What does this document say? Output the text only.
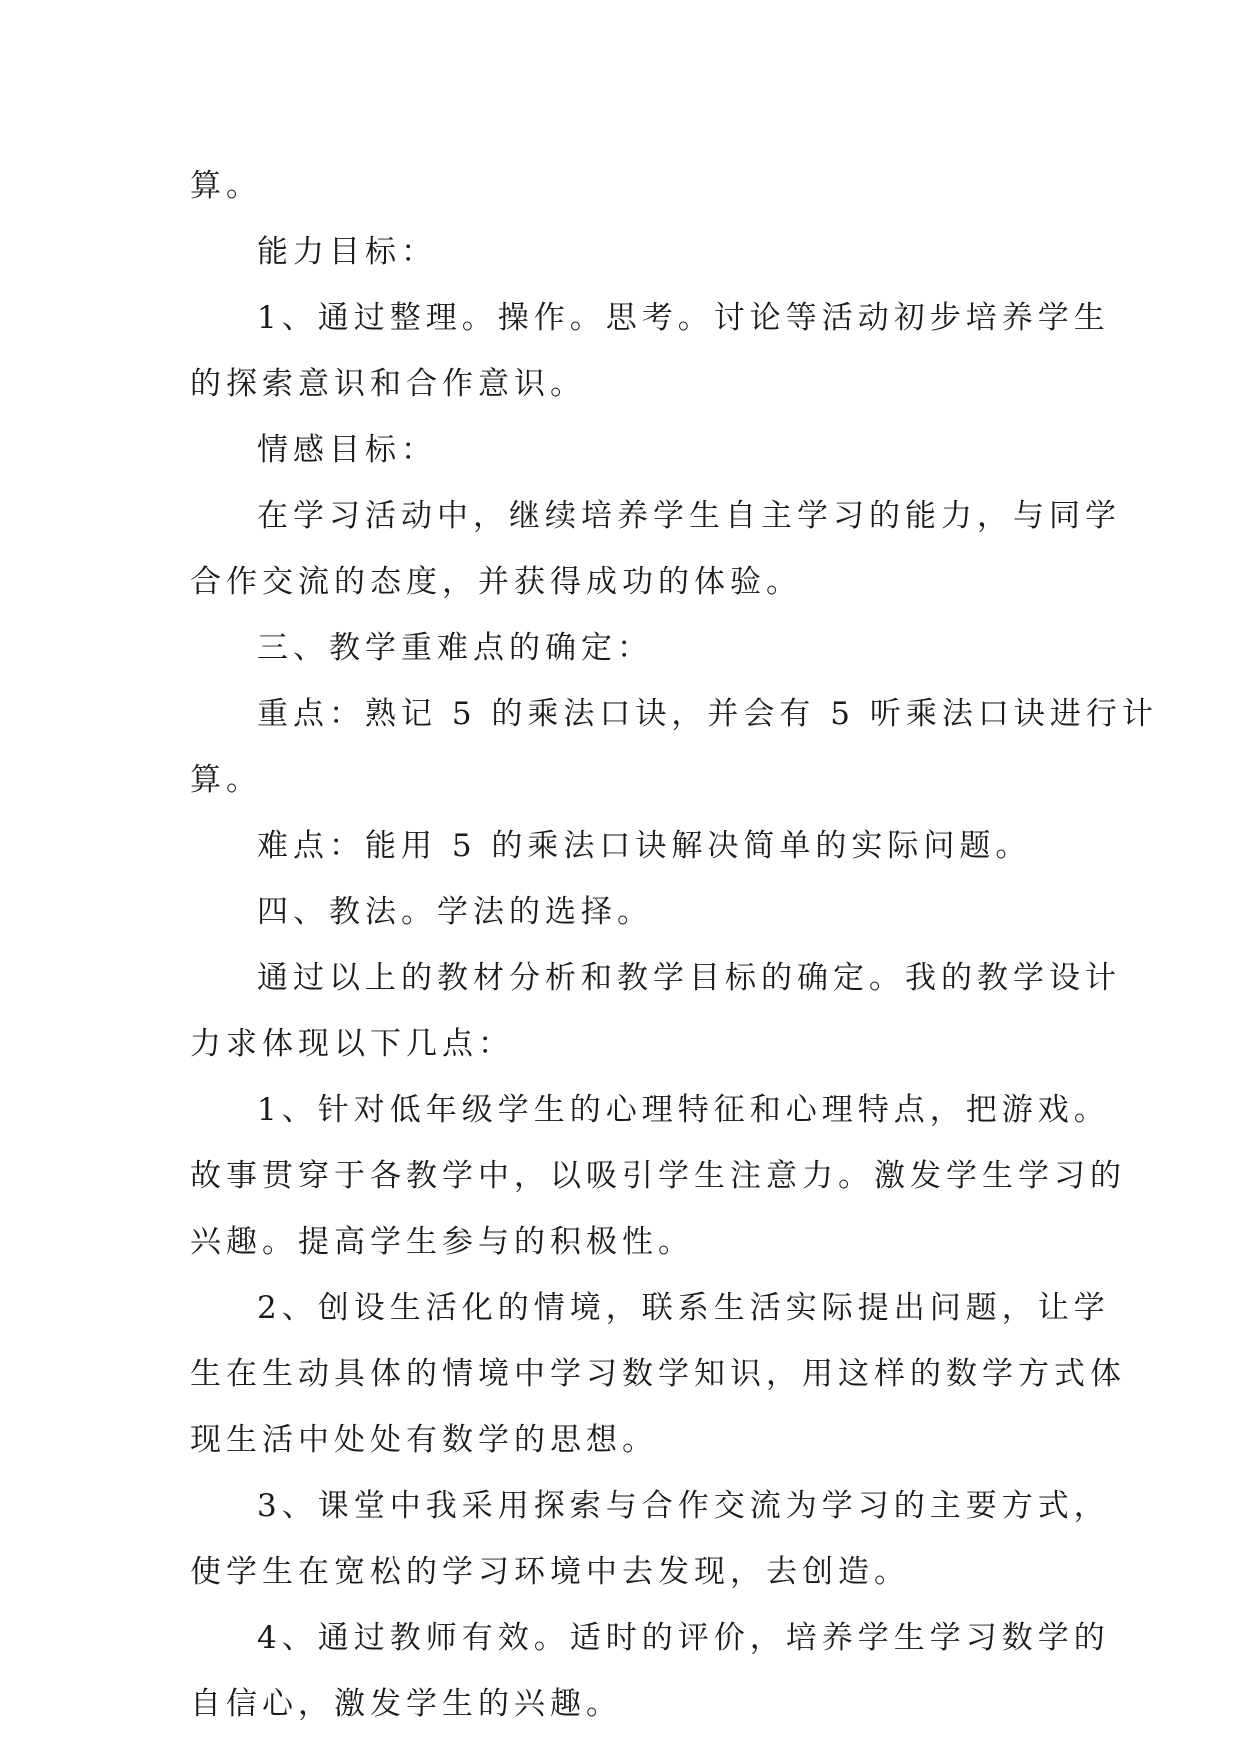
算。
能力目标：
1、通过整理。操作。思考。讨论等活动初步培养学生
的探索意识和合作意识。
情感目标：
在学习活动中，继续培养学生自主学习的能力，与同学
合作交流的态度，并获得成功的体验。
三、教学重难点的确定：
重点：熟记 5 的乘法口诀，并会有 5 听乘法口诀进行计
算。
难点：能用 5 的乘法口诀解决简单的实际问题。
四、教法。学法的选择。
通过以上的教材分析和教学目标的确定。我的教学设计
力求体现以下几点：
1、针对低年级学生的心理特征和心理特点，把游戏。
故事贯穿于各教学中，以吸引学生注意力。激发学生学习的
兴趣。提高学生参与的积极性。
2、创设生活化的情境，联系生活实际提出问题，让学
生在生动具体的情境中学习数学知识，用这样的数学方式体
现生活中处处有数学的思想。
3、课堂中我采用探索与合作交流为学习的主要方式，
使学生在宽松的学习环境中去发现，去创造。
4、通过教师有效。适时的评价，培养学生学习数学的
自信心，激发学生的兴趣。
